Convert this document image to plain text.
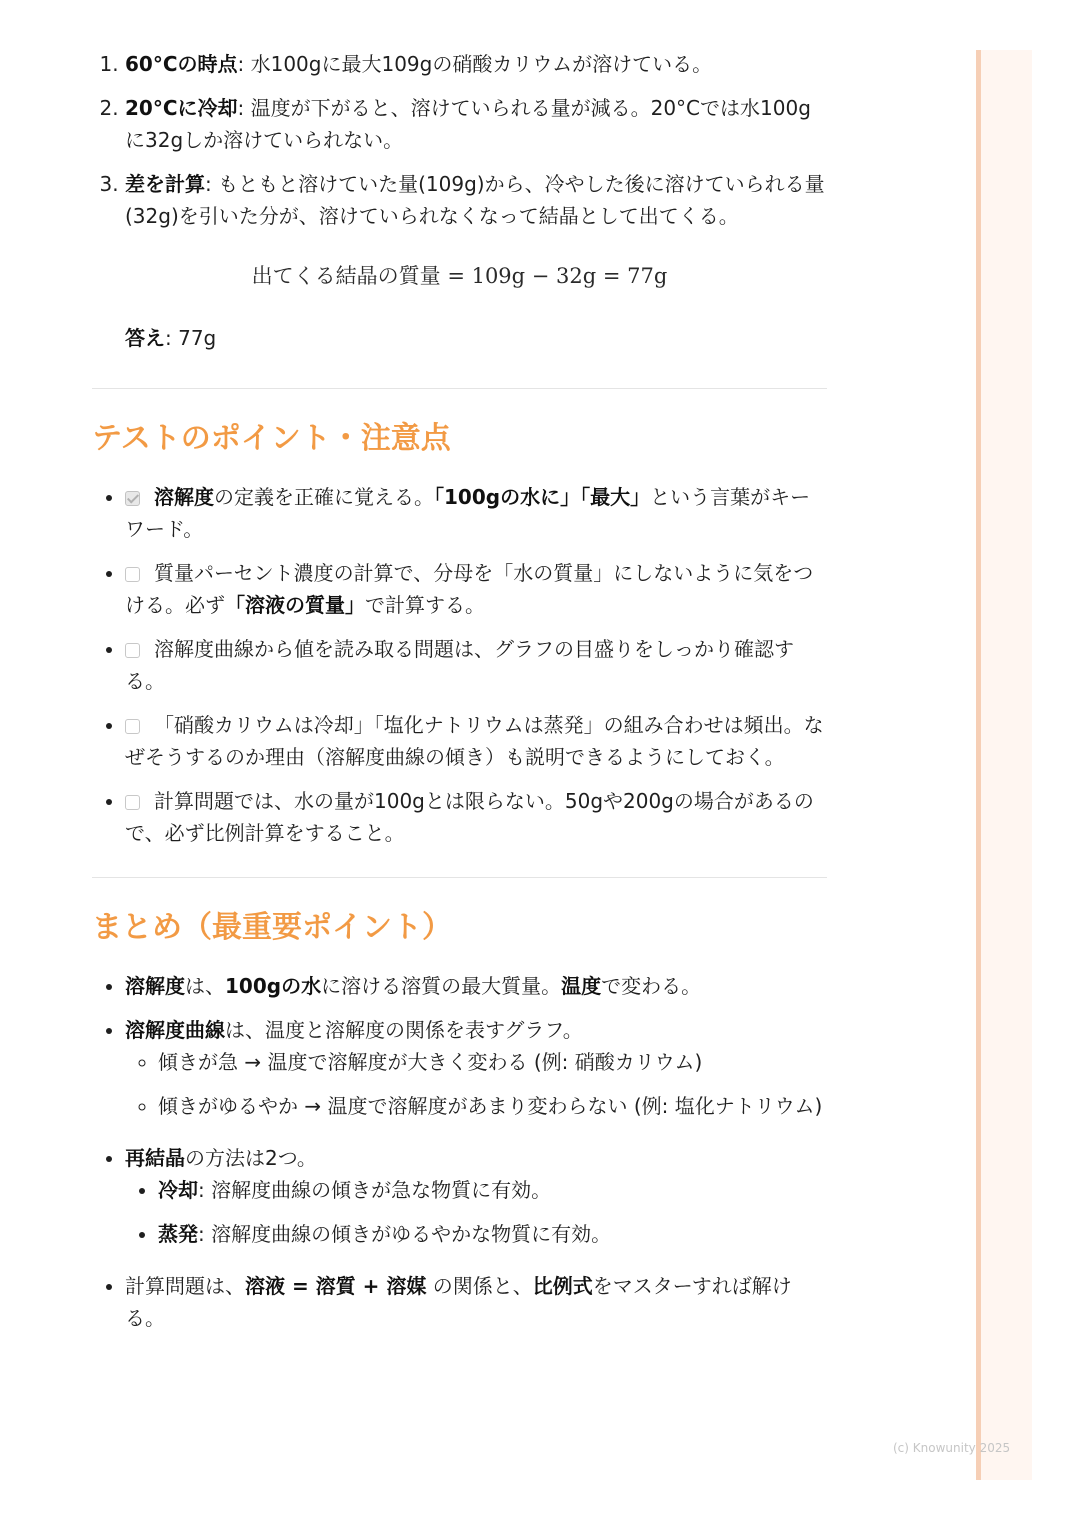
1. 60°Cの時点: 水100gに最大109gの硝酸カリウムが溶けている。
2. 20°Cに冷却: 温度が下がると、溶けていられる量が減る。20°Cでは水100gに32gしか溶けていられない。
3. 差を計算: もともと溶けていた量(109g)から、冷やした後に溶けていられる量(32g)を引いた分が、溶けていられなくなって結晶として出てくる。
出てくる結晶の質量 = 109g − 32g = 77g
答え: 77g
テストのポイント・注意点
• 溶解度の定義を正確に覚える。「100gの水に」「最大」という言葉がキーワード。
• 質量パーセント濃度の計算で、分母を「水の質量」にしないように気をつける。必ず「溶液の質量」で計算する。
• 溶解度曲線から値を読み取る問題は、グラフの目盛りをしっかり確認する。
• 「硝酸カリウムは冷却」「塩化ナトリウムは蒸発」の組み合わせは頻出。なぜそうするのか理由（溶解度曲線の傾き）も説明できるようにしておく。
• 計算問題では、水の量が100gとは限らない。50gや200gの場合があるので、必ず比例計算をすること。
まとめ（最重要ポイント）
• 溶解度は、100gの水に溶ける溶質の最大質量。温度で変わる。
• 溶解度曲線は、温度と溶解度の関係を表すグラフ。
◦ 傾きが急 → 温度で溶解度が大きく変わる (例: 硝酸カリウム)
◦ 傾きがゆるやか → 温度で溶解度があまり変わらない (例: 塩化ナトリウム)
• 再結晶の方法は2つ。
• 冷却: 溶解度曲線の傾きが急な物質に有効。
• 蒸発: 溶解度曲線の傾きがゆるやかな物質に有効。
• 計算問題は、溶液 = 溶質 + 溶媒 の関係と、比例式をマスターすれば解ける。
(c) Knowunity 2025
